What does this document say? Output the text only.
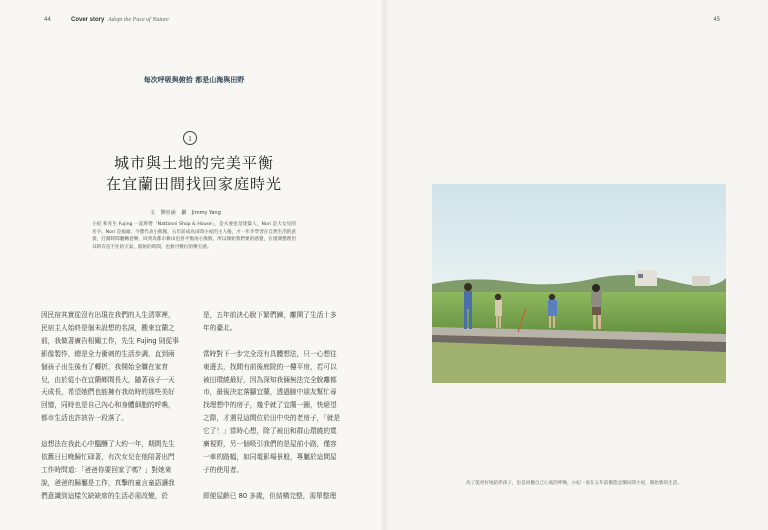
44	Cover story Adopt the Pace of Nature	45
每次呼吸與俯拾 都是山海與田野
1
城市與土地的完美平衡
在宜蘭田間找回家庭時光
文 劉亞涵 攝 Jimmy Yang
小紀 和先生 Fujing 一起經營「Nattanni Shop & House」，是夫妻也是建築人，Nori 是大女兒的名字。Nori 是福福，今寶代表小熊熊，五年前成為田間小屋的主人後，才一步步學習在自然生活的意義，打開時間翻轉意樂，回到為都市耕田也各平衡再小熊熊，所以開始我們要的感覺，在規開整理但耳時有直不住的天氣，開始的時間，也無可敷衍的樂天感。
因民宿其實從沒有出現在我們的人生清單裡，民宿主人始終是個未設想的名詞，搬來宜蘭之前，我做著廣告相關工作，先生 Fujing 則從事影像製作，總是全力衝刺的生活步調，直到兩個孩子出生後有了轉折，我開始全職在家育兒，由於從小在宜蘭鄉間長大，隨著孩子一天天成長，希望她們也能擁有我幼時的那些美好回憶，同時也是自己內心和身體細胞的呼喚，都市生活也許該告一段落了。
這想法在我此心中醞釀了大約一年，期間先生依舊日日晚歸忙碌著，有次女兒在他陪著出門工作時問道：「爸爸你要回家了嗎？」對她來說，爸爸的歸屬是工作，真擊的童言童語讓我們意識到這樣欠缺缺席的生活必需改變，於
是，五年前決心脫下繁們鍊，離開了生活十多年的臺北。
當時對下一步完全沒有具體想法，只一心想往東邊去，找間有前後庭院的一樓平房，若可以被田環繞最好，因為深知我倆無法完全脫離都市，最後決定落腳宜蘭，透過臉中朋友幫忙尋找理想中的房子，幾乎就了宜蘭一圈，快絕望之際，才遇見這間位於田中央的老房子，「就是它了！」當時心想，除了被田和群山環繞的寬廣視野，另一個吸引我們的是屋前小路，僅容一車的路幅，如同電影場景般，專屬於這間屋子的使用者。
即便屋齡已 80 多歲，但結構完整，需單整理
為了能更好地陪伴孩子，也是回應自己心底的呼喚，小紀一家在五年前搬進宜蘭田間小屋，開始新的生活。
